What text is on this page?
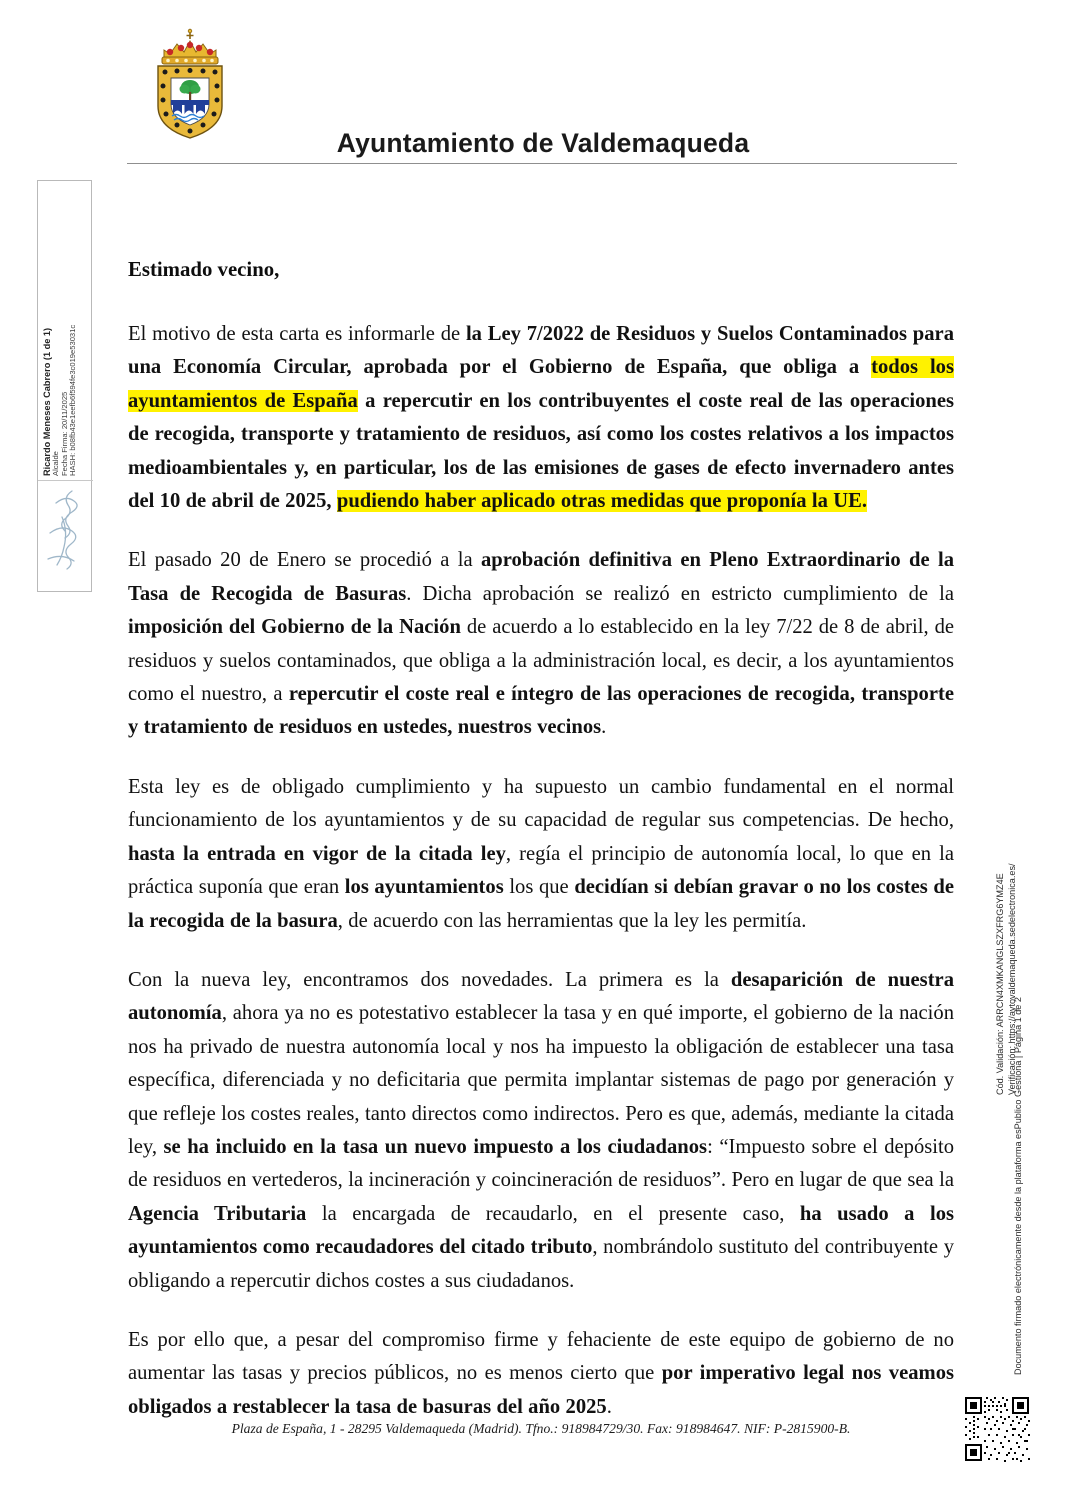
Ayuntamiento de Valdemaqueda
Ricardo Meneses Cabrero (1 de 1) Alcalde Fecha Firma: 20/11/2025 HASH: b08fb43e1eefb6f594fe3c019e53031c
Estimado vecino,

El motivo de esta carta es informarle de la Ley 7/2022 de Residuos y Suelos Contaminados para una Economía Circular, aprobada por el Gobierno de España, que obliga a todos los ayuntamientos de España a repercutir en los contribuyentes el coste real de las operaciones de recogida, transporte y tratamiento de residuos, así como los costes relativos a los impactos medioambientales y, en particular, los de las emisiones de gases de efecto invernadero antes del 10 de abril de 2025, pudiendo haber aplicado otras medidas que proponía la UE.

El pasado 20 de Enero se procedió a la aprobación definitiva en Pleno Extraordinario de la Tasa de Recogida de Basuras. Dicha aprobación se realizó en estricto cumplimiento de la imposición del Gobierno de la Nación de acuerdo a lo establecido en la ley 7/22 de 8 de abril, de residuos y suelos contaminados, que obliga a la administración local, es decir, a los ayuntamientos como el nuestro, a repercutir el coste real e íntegro de las operaciones de recogida, transporte y tratamiento de residuos en ustedes, nuestros vecinos.

Esta ley es de obligado cumplimiento y ha supuesto un cambio fundamental en el normal funcionamiento de los ayuntamientos y de su capacidad de regular sus competencias. De hecho, hasta la entrada en vigor de la citada ley, regía el principio de autonomía local, lo que en la práctica suponía que eran los ayuntamientos los que decidían si debían gravar o no los costes de la recogida de la basura, de acuerdo con las herramientas que la ley les permitía.

Con la nueva ley, encontramos dos novedades. La primera es la desaparición de nuestra autonomía, ahora ya no es potestativo establecer la tasa y en qué importe, el gobierno de la nación nos ha privado de nuestra autonomía local y nos ha impuesto la obligación de establecer una tasa específica, diferenciada y no deficitaria que permita implantar sistemas de pago por generación y que refleje los costes reales, tanto directos como indirectos. Pero es que, además, mediante la citada ley, se ha incluido en la tasa un nuevo impuesto a los ciudadanos: “Impuesto sobre el depósito de residuos en vertederos, la incineración y coincineración de residuos”. Pero en lugar de que sea la Agencia Tributaria la encargada de recaudarlo, en el presente caso, ha usado a los ayuntamientos como recaudadores del citado tributo, nombrándolo sustituto del contribuyente y obligando a repercutir dichos costes a sus ciudadanos.

Es por ello que, a pesar del compromiso firme y fehaciente de este equipo de gobierno de no aumentar las tasas y precios públicos, no es menos cierto que por imperativo legal nos veamos obligados a restablecer la tasa de basuras del año 2025.

Cód. Validación: ARRCN4XMKANGLSZXFRG6YMZ4E Verificación: https://aytovaldemaqueda.sedelectronica.es/
Documento firmado electrónicamente desde la plataforma esPublico Gestiona | Página 1 de 2
Plaza de España, 1 - 28295 Valdemaqueda (Madrid). Tfno.: 918984729/30. Fax: 918984647. NIF: P-2815900-B.
